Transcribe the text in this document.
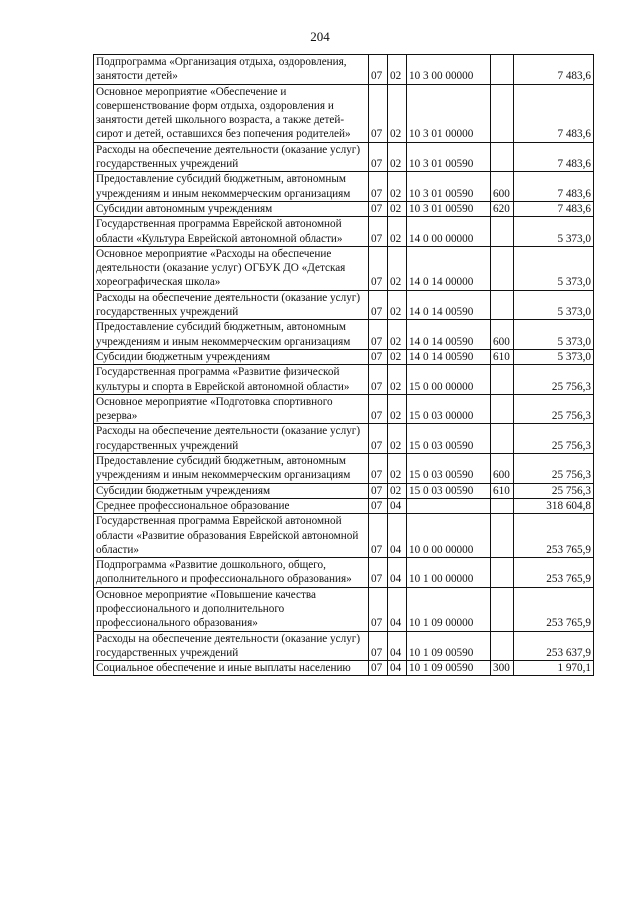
204
Подпрограмма «Организация отдыха, оздоровления, занятости детей»	07	02	10 3 00 00000		7 483,6
Основное мероприятие «Обеспечение и совершенствование форм отдыха, оздоровления и занятости детей школьного возраста, а также детей-сирот и детей, оставшихся без попечения родителей»	07	02	10 3 01 00000		7 483,6
Расходы на обеспечение деятельности (оказание услуг) государственных учреждений	07	02	10 3 01 00590		7 483,6
Предоставление субсидий бюджетным, автономным учреждениям и иным некоммерческим организациям	07	02	10 3 01 00590	600	7 483,6
Субсидии автономным учреждениям	07	02	10 3 01 00590	620	7 483,6
Государственная программа Еврейской автономной области «Культура Еврейской автономной области»	07	02	14 0 00 00000		5 373,0
Основное мероприятие «Расходы на обеспечение деятельности (оказание услуг) ОГБУК ДО «Детская хореографическая школа»	07	02	14 0 14 00000		5 373,0
Расходы на обеспечение деятельности (оказание услуг) государственных учреждений	07	02	14 0 14 00590		5 373,0
Предоставление субсидий бюджетным, автономным учреждениям и иным некоммерческим организациям	07	02	14 0 14 00590	600	5 373,0
Субсидии бюджетным учреждениям	07	02	14 0 14 00590	610	5 373,0
Государственная программа «Развитие физической культуры и спорта в Еврейской автономной области»	07	02	15 0 00 00000		25 756,3
Основное мероприятие «Подготовка спортивного резерва»	07	02	15 0 03 00000		25 756,3
Расходы на обеспечение деятельности (оказание услуг) государственных учреждений	07	02	15 0 03 00590		25 756,3
Предоставление субсидий бюджетным, автономным учреждениям и иным некоммерческим организациям	07	02	15 0 03 00590	600	25 756,3
Субсидии бюджетным учреждениям	07	02	15 0 03 00590	610	25 756,3
Среднее профессиональное образование	07	04			318 604,8
Государственная программа Еврейской автономной области «Развитие образования Еврейской автономной области»	07	04	10 0 00 00000		253 765,9
Подпрограмма «Развитие дошкольного, общего, дополнительного и профессионального образования»	07	04	10 1 00 00000		253 765,9
Основное мероприятие «Повышение качества профессионального и дополнительного профессионального образования»	07	04	10 1 09 00000		253 765,9
Расходы на обеспечение деятельности (оказание услуг) государственных учреждений	07	04	10 1 09 00590		253 637,9
Социальное обеспечение и иные выплаты населению	07	04	10 1 09 00590	300	1 970,1
